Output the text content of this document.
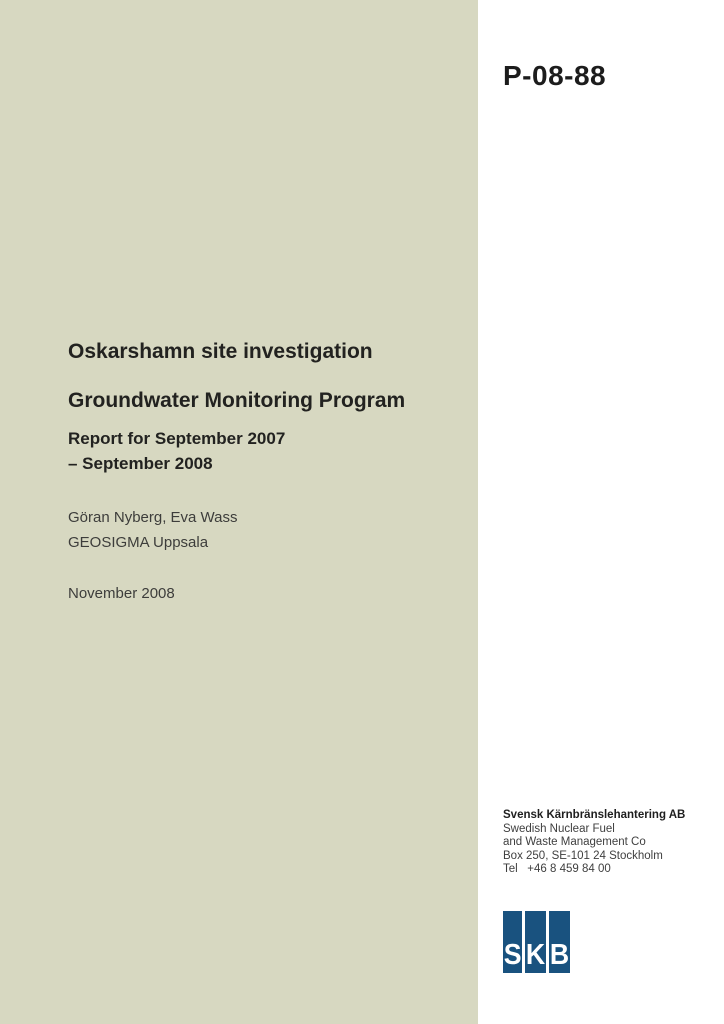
P-08-88

Oskarshamn site investigation

Groundwater Monitoring Program

Report for September 2007

– September 2008

Göran Nyberg, Eva Wass

GEOSIGMA Uppsala

November 2008

Svensk Kärnbränslehantering AB

Swedish Nuclear Fuel

and Waste Management Co

Box 250, SE-101 24 Stockholm

Tel   +46 8 459 84 00

S K B
